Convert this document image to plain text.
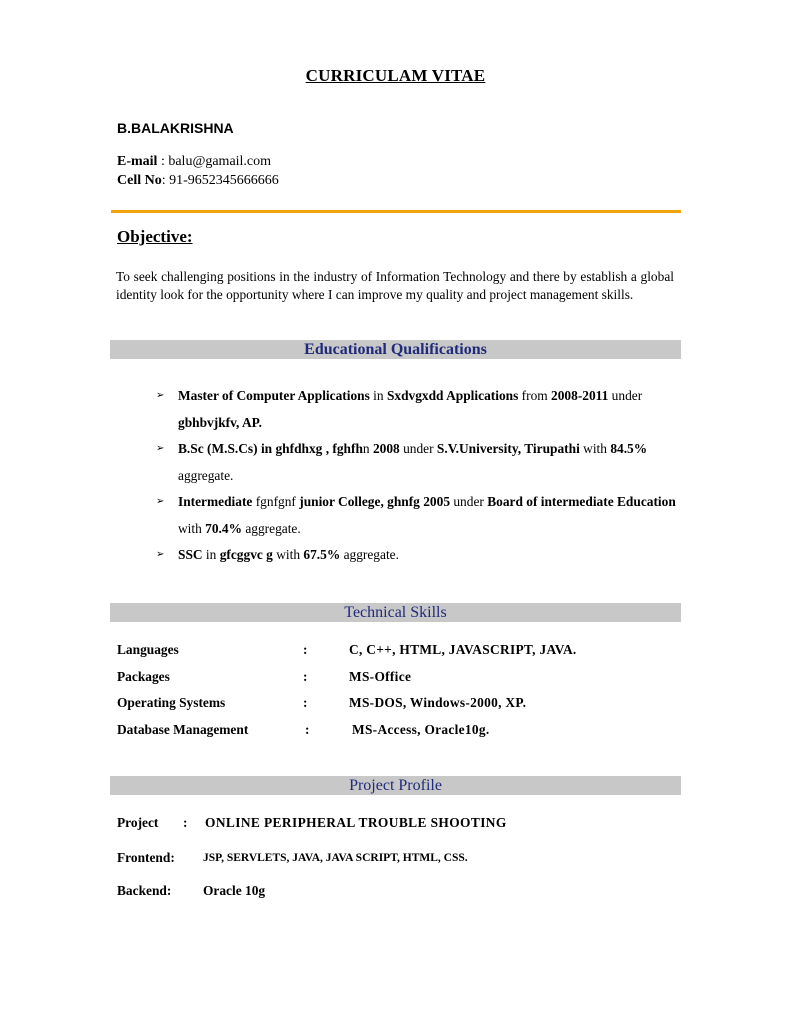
CURRICULAM VITAE
B.BALAKRISHNA
E-mail : balu@gamail.com
Cell No: 91-9652345666666
Objective:
To seek challenging positions in the industry of Information Technology and there by establish a global identity look for the opportunity where I can improve my quality and project management skills.
Educational Qualifications
➢ Master of Computer Applications in Sxdvgxdd Applications from 2008-2011 under gbhbvjkfv, AP.
➢ B.Sc (M.S.Cs) in ghfdhxg , fghfhn 2008 under S.V.University, Tirupathi with 84.5% aggregate.
➢ Intermediate fgnfgnf junior College, ghnfg 2005 under Board of intermediate Education with 70.4% aggregate.
➢ SSC in gfcggvc g with 67.5% aggregate.
Technical Skills
Languages	:	C, C++, HTML, JAVASCRIPT, JAVA.
Packages	:	MS-Office
Operating Systems	:	MS-DOS, Windows-2000, XP.
Database Management	:	MS-Access, Oracle10g.
Project Profile
Project : ONLINE PERIPHERAL TROUBLE SHOOTING
Frontend: JSP, SERVLETS, JAVA, JAVA SCRIPT, HTML, CSS.
Backend: Oracle 10g
